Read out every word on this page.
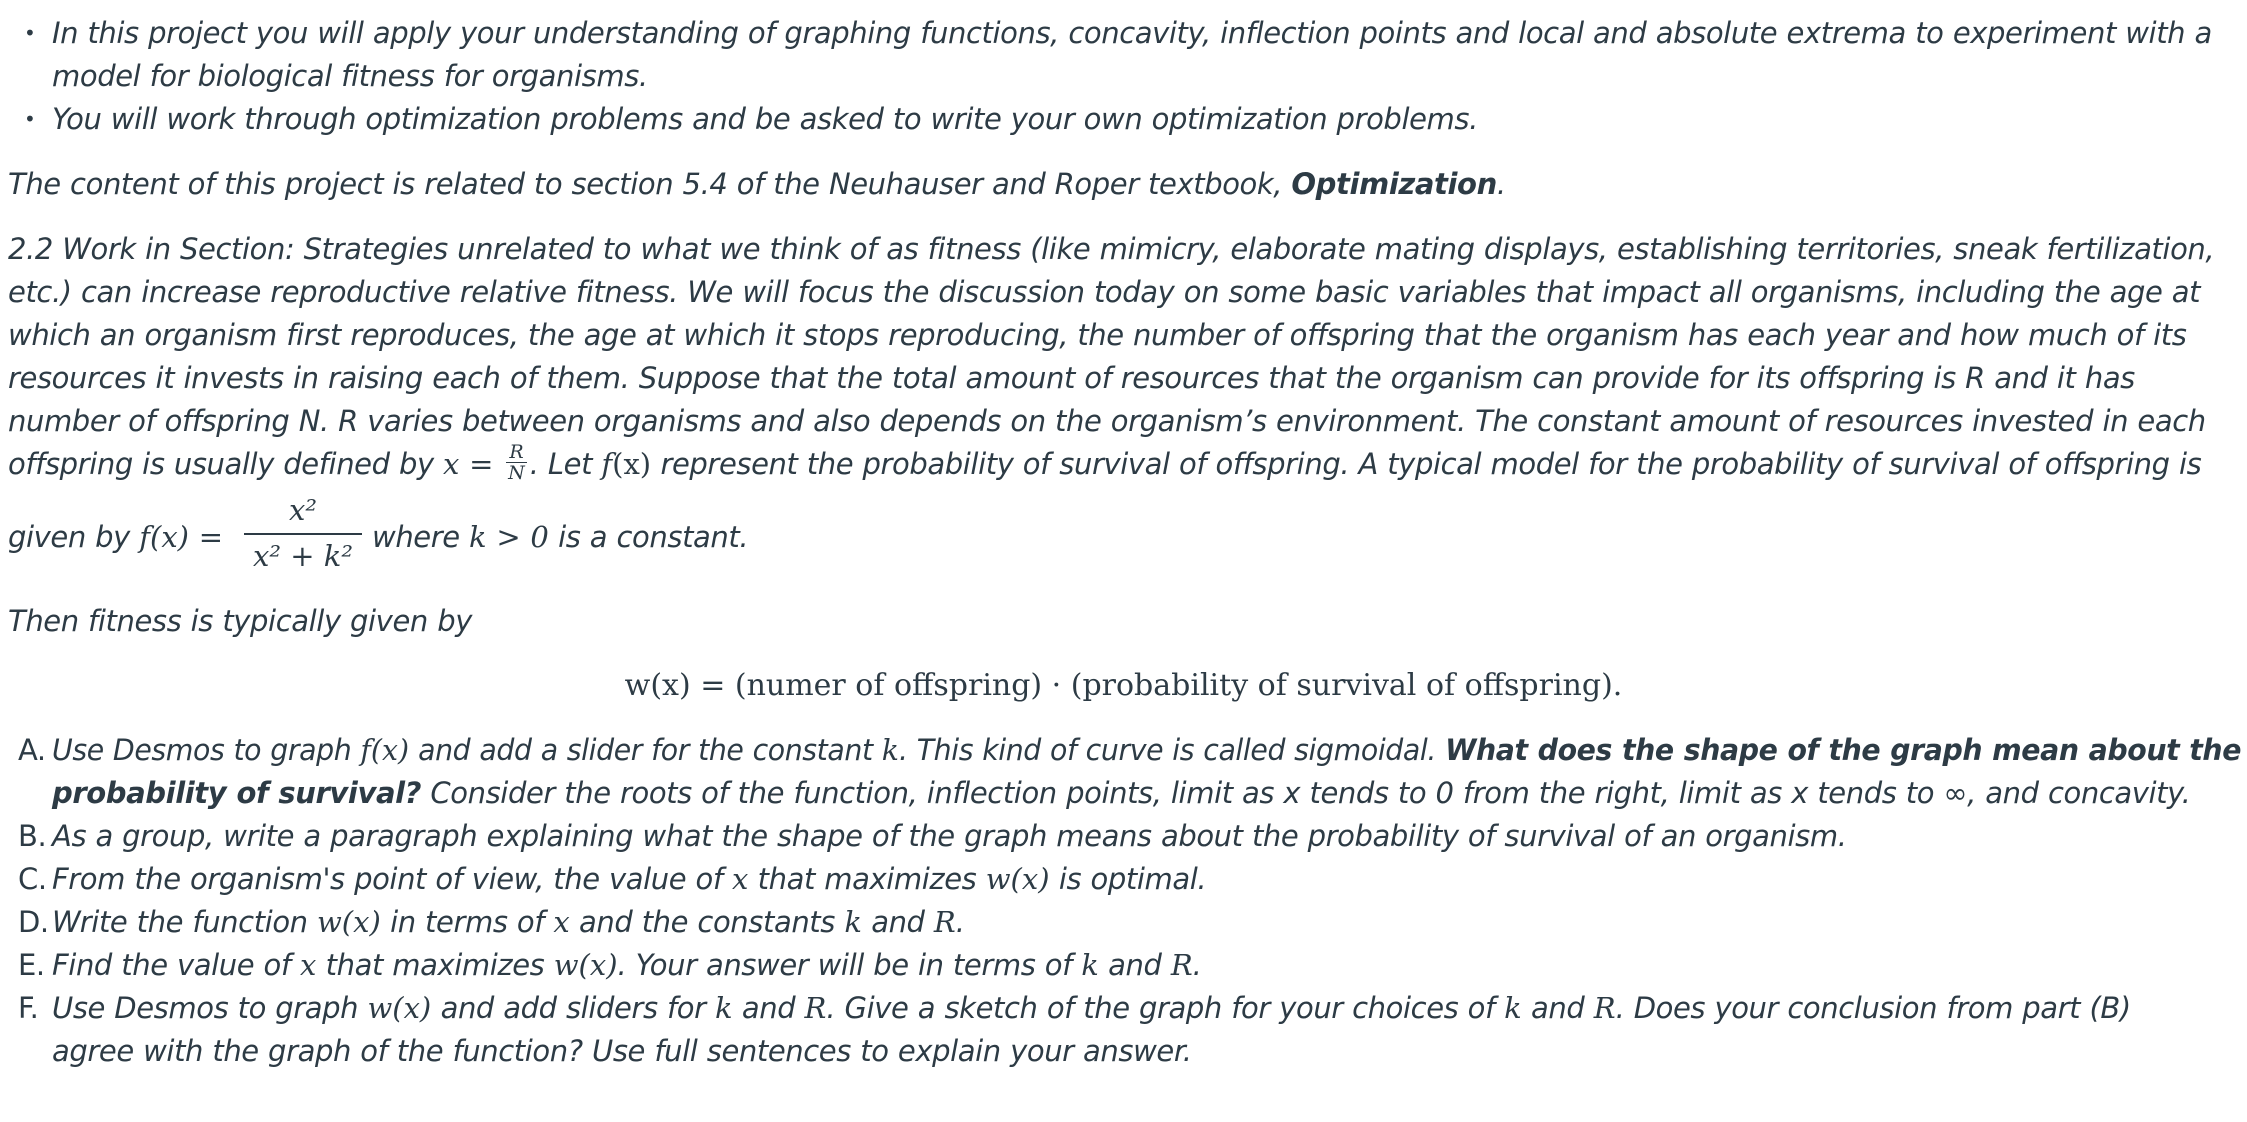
• In this project you will apply your understanding of graphing functions, concavity, inflection points and local and absolute extrema to experiment with a
model for biological fitness for organisms.
• You will work through optimization problems and be asked to write your own optimization problems.
The content of this project is related to section 5.4 of the Neuhauser and Roper textbook, Optimization.
2.2 Work in Section: Strategies unrelated to what we think of as fitness (like mimicry, elaborate mating displays, establishing territories, sneak fertilization,
etc.) can increase reproductive relative fitness. We will focus the discussion today on some basic variables that impact all organisms, including the age at
which an organism first reproduces, the age at which it stops reproducing, the number of offspring that the organism has each year and how much of its
resources it invests in raising each of them. Suppose that the total amount of resources that the organism can provide for its offspring is R and it has
number of offspring N. R varies between organisms and also depends on the organism’s environment. The constant amount of resources invested in each
offspring is usually defined by $x = \frac{R}{N}$ . Let f(x) represent the probability of survival of offspring. A typical model for the probability of survival of offspring is
given by f(x) =
x²
x² + k²
where k > 0 is a constant.
Then fitness is typically given by
w(x) = (numer of offspring) · (probability of survival of offspring).
A. Use Desmos to graph f(x) and add a slider for the constant k. This kind of curve is called sigmoidal. What does the shape of the graph mean about the
probability of survival? Consider the roots of the function, inflection points, limit as x tends to 0 from the right, limit as x tends to ∞, and concavity.
B. As a group, write a paragraph explaining what the shape of the graph means about the probability of survival of an organism.
C. From the organism's point of view, the value of x that maximizes w(x) is optimal.
D. Write the function w(x) in terms of x and the constants k and R.
E. Find the value of x that maximizes w(x). Your answer will be in terms of k and R.
F. Use Desmos to graph w(x) and add sliders for k and R. Give a sketch of the graph for your choices of k and R. Does your conclusion from part (B)
agree with the graph of the function? Use full sentences to explain your answer.
